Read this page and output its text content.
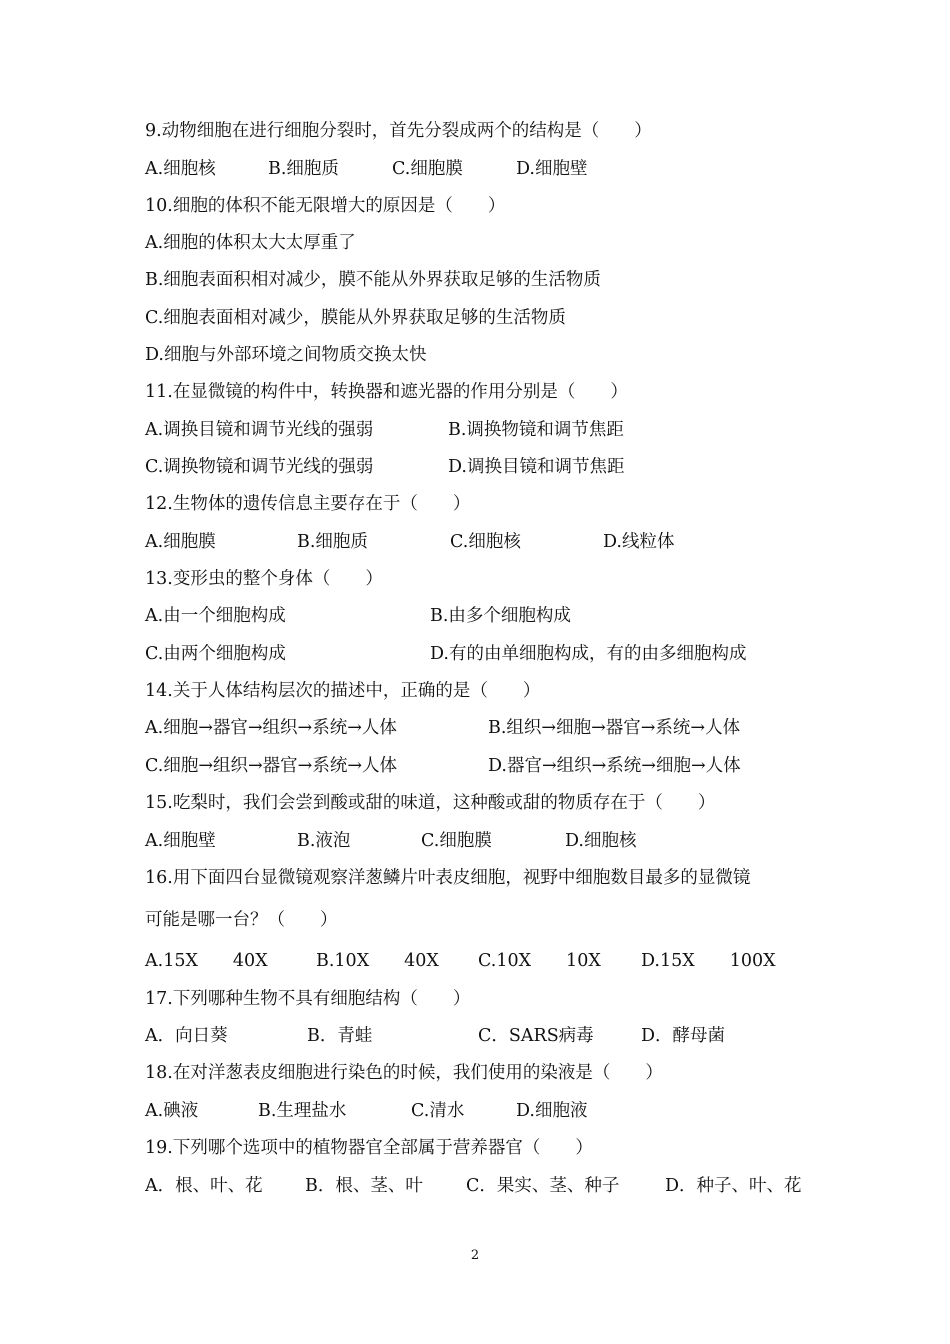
9.动物细胞在进行细胞分裂时，首先分裂成两个的结构是（　　）
A.细胞核	B.细胞质	C.细胞膜	D.细胞壁
10.细胞的体积不能无限增大的原因是（　　）
A.细胞的体积太大太厚重了
B.细胞表面积相对减少，膜不能从外界获取足够的生活物质
C.细胞表面相对减少，膜能从外界获取足够的生活物质
D.细胞与外部环境之间物质交换太快
11.在显微镜的构件中，转换器和遮光器的作用分别是（　　）
A.调换目镜和调节光线的强弱	B.调换物镜和调节焦距
C.调换物镜和调节光线的强弱	D.调换目镜和调节焦距
12.生物体的遗传信息主要存在于（　　）
A.细胞膜	B.细胞质	C.细胞核	D.线粒体
13.变形虫的整个身体（　　）
A.由一个细胞构成	B.由多个细胞构成
C.由两个细胞构成	D.有的由单细胞构成，有的由多细胞构成
14.关于人体结构层次的描述中，正确的是（　　）
A.细胞→器官→组织→系统→人体	B.组织→细胞→器官→系统→人体
C.细胞→组织→器官→系统→人体	D.器官→组织→系统→细胞→人体
15.吃梨时，我们会尝到酸或甜的味道，这种酸或甜的物质存在于（　　）
A.细胞壁	B.液泡	C.细胞膜	D.细胞核
16.用下面四台显微镜观察洋葱鳞片叶表皮细胞，视野中细胞数目最多的显微镜
可能是哪一台？（　　）
A.15X　　40X	B.10X　　40X C.10X　　10X D.15X　　100X
17.下列哪种生物不具有细胞结构（　　）
A．向日葵	B．青蛙	C．SARS病毒	D．酵母菌
18.在对洋葱表皮细胞进行染色的时候，我们使用的染液是（　　）
A.碘液	B.生理盐水	C.清水	D.细胞液
19.下列哪个选项中的植物器官全部属于营养器官（　　）
A．根、叶、花 B．根、茎、叶 C．果实、茎、种子	D．种子、叶、花
2
